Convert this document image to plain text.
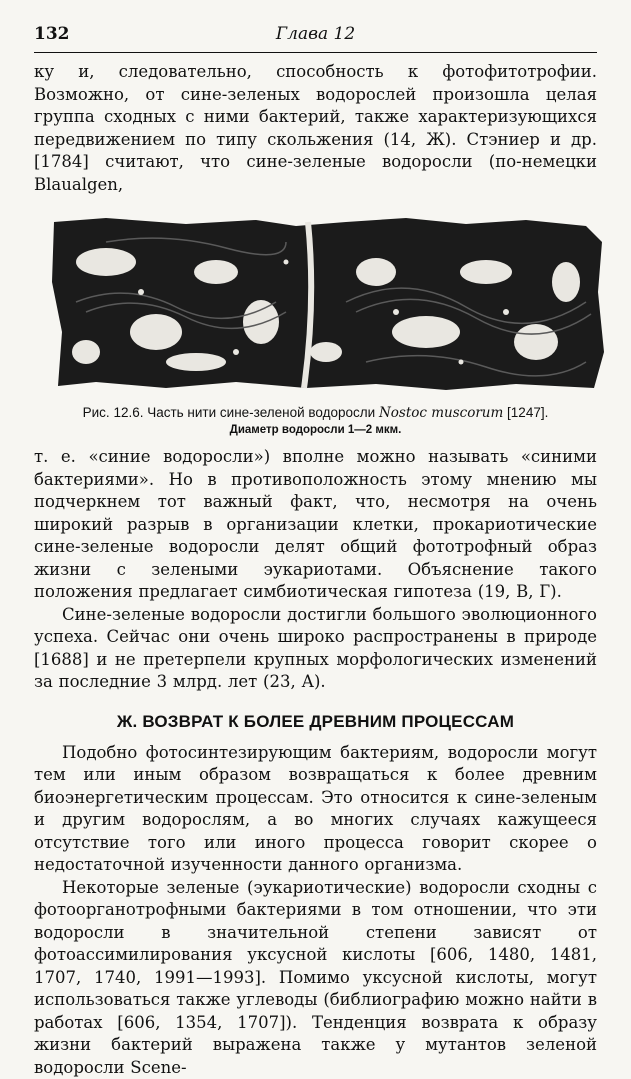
132	Глава 12

ку и, следовательно, способность к фотофитотрофии. Возможно, от сине-зеленых водорослей произошла целая группа сходных с ними бактерий, также характеризующихся передвижением по типу скольжения (14, Ж). Стэниер и др. [1784] считают, что сине-зеленые водоросли (по-немецки Blaualgen,

Рис. 12.6. Часть нити сине-зеленой водоросли Nostoc muscorum [1247].
Диаметр водоросли 1—2 мкм.

т. е. «синие водоросли») вполне можно называть «синими бактериями». Но в противоположность этому мнению мы подчеркнем тот важный факт, что, несмотря на очень широкий разрыв в организации клетки, прокариотические сине-зеленые водоросли делят общий фототрофный образ жизни с зелеными эукариотами. Объяснение такого положения предлагает симбиотическая гипотеза (19, В, Г).

Сине-зеленые водоросли достигли большого эволюционного успеха. Сейчас они очень широко распространены в природе [1688] и не претерпели крупных морфологических изменений за последние 3 млрд. лет (23, А).

Ж. ВОЗВРАТ К БОЛЕЕ ДРЕВНИМ ПРОЦЕССАМ

Подобно фотосинтезирующим бактериям, водоросли могут тем или иным образом возвращаться к более древним биоэнергетическим процессам. Это относится к сине-зеленым и другим водорослям, а во многих случаях кажущееся отсутствие того или иного процесса говорит скорее о недостаточной изученности данного организма.

Некоторые зеленые (эукариотические) водоросли сходны с фотоорганотрофными бактериями в том отношении, что эти водоросли в значительной степени зависят от фотоассимилирования уксусной кислоты [606, 1480, 1481, 1707, 1740, 1991—1993]. Помимо уксусной кислоты, могут использоваться также углеводы (библиографию можно найти в работах [606, 1354, 1707]). Тенденция возврата к образу жизни бактерий выражена также у мутантов зеленой водоросли Scene-
